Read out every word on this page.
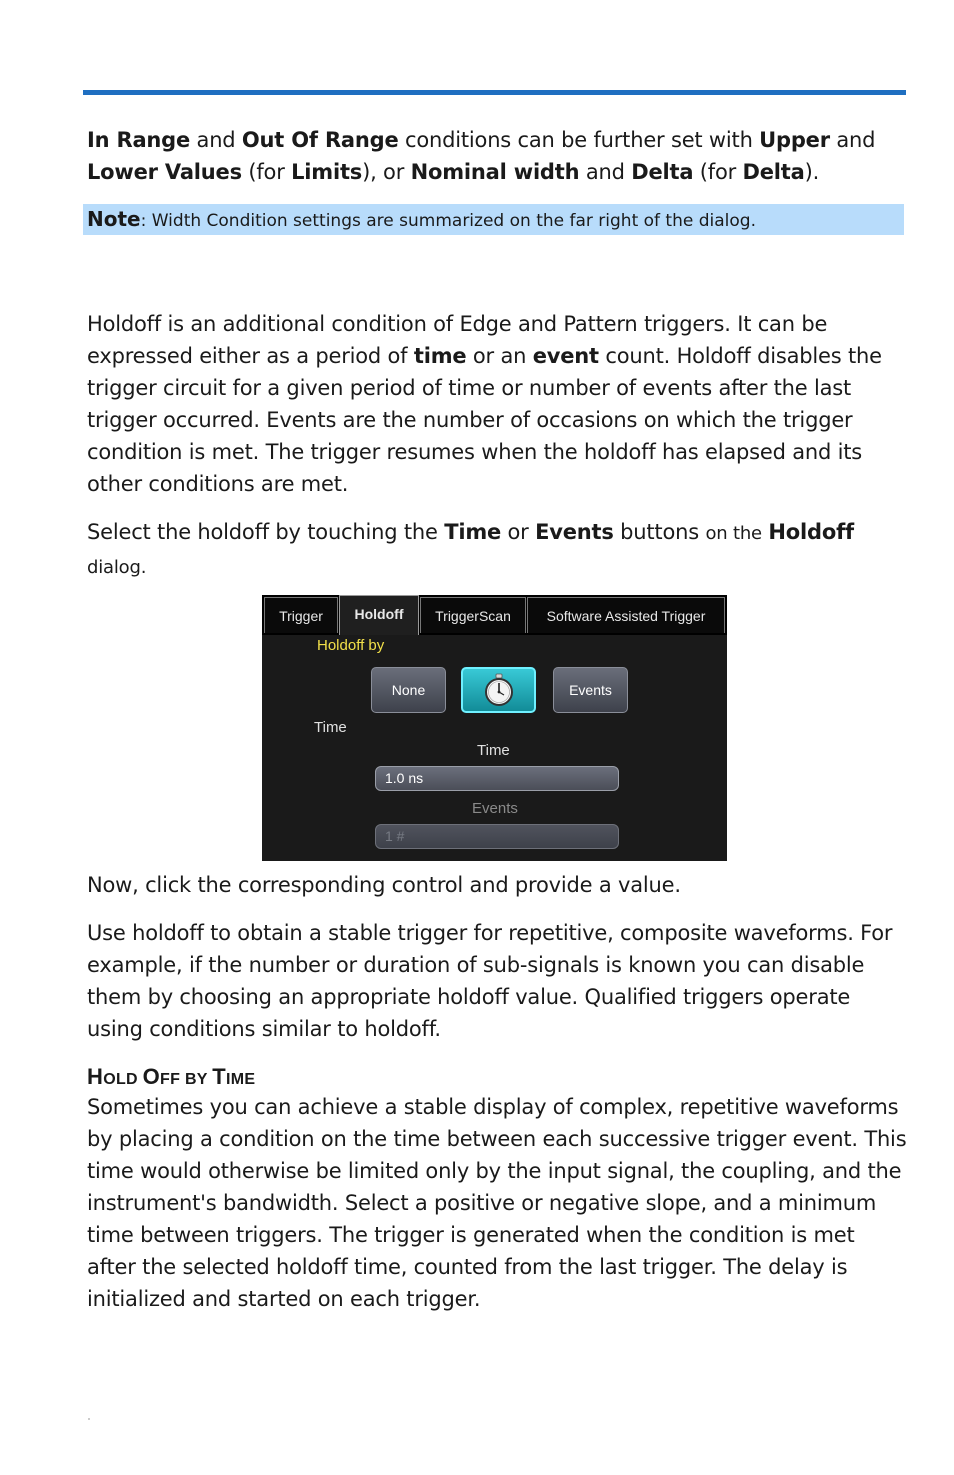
In Range and Out Of Range conditions can be further set with Upper and Lower Values (for Limits), or Nominal width and Delta (for Delta).

Note: Width Condition settings are summarized on the far right of the dialog.

Holdoff is an additional condition of Edge and Pattern triggers. It can be expressed either as a period of time or an event count. Holdoff disables the trigger circuit for a given period of time or number of events after the last trigger occurred. Events are the number of occasions on which the trigger condition is met. The trigger resumes when the holdoff has elapsed and its other conditions are met.

Select the holdoff by touching the Time or Events buttons on the Holdoff
dialog.

Trigger	Holdoff	TriggerScan	Software Assisted Trigger
Holdoff by
None	Events
Time
Time
1.0 ns
Events
1 #

Now, click the corresponding control and provide a value.

Use holdoff to obtain a stable trigger for repetitive, composite waveforms. For example, if the number or duration of sub-signals is known you can disable them by choosing an appropriate holdoff value. Qualified triggers operate using conditions similar to holdoff.

HOLD OFF BY TIME

Sometimes you can achieve a stable display of complex, repetitive waveforms by placing a condition on the time between each successive trigger event. This time would otherwise be limited only by the input signal, the coupling, and the instrument's bandwidth. Select a positive or negative slope, and a minimum time between triggers. The trigger is generated when the condition is met after the selected holdoff time, counted from the last trigger. The delay is initialized and started on each trigger.
